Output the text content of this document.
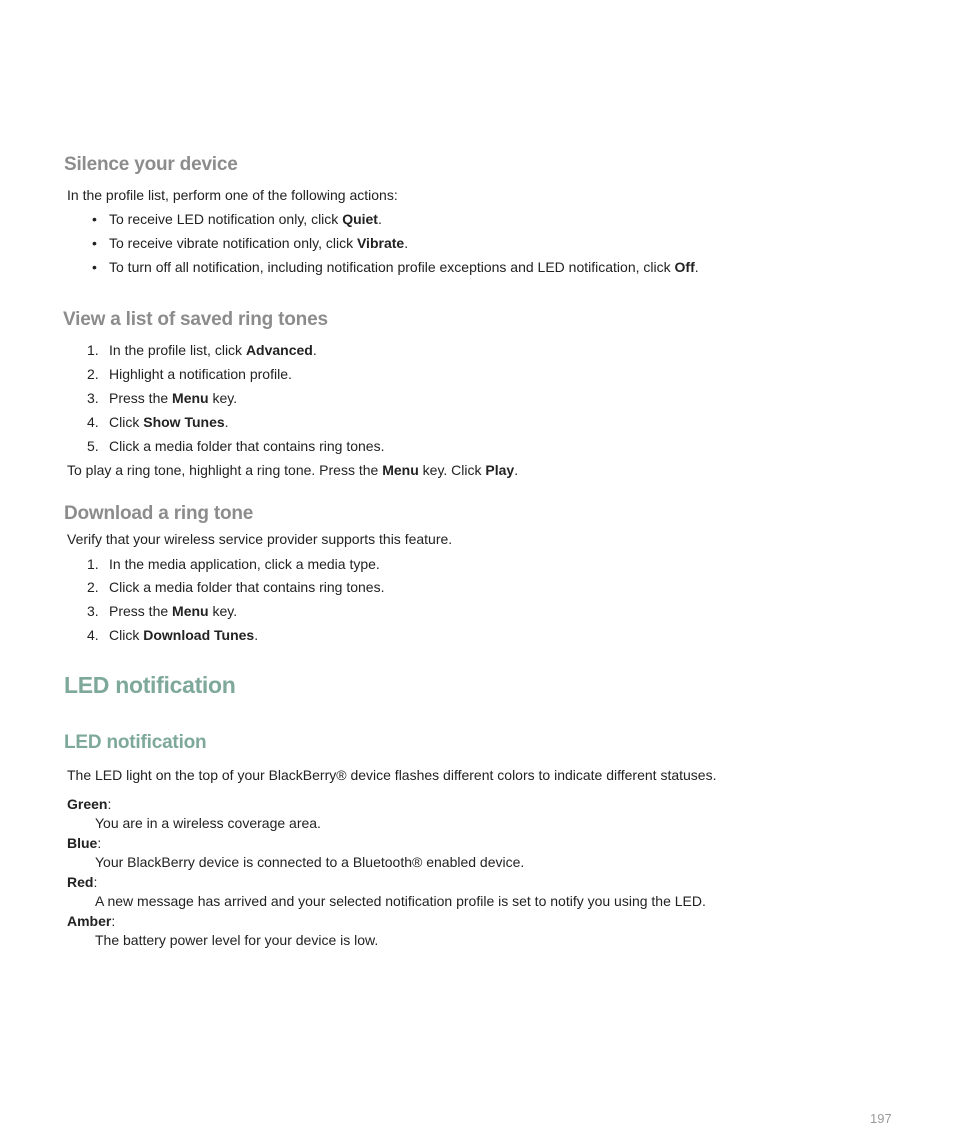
Silence your device
In the profile list, perform one of the following actions:
• To receive LED notification only, click Quiet.
• To receive vibrate notification only, click Vibrate.
• To turn off all notification, including notification profile exceptions and LED notification, click Off.
View a list of saved ring tones
1. In the profile list, click Advanced.
2. Highlight a notification profile.
3. Press the Menu key.
4. Click Show Tunes.
5. Click a media folder that contains ring tones.
To play a ring tone, highlight a ring tone. Press the Menu key. Click Play.
Download a ring tone
Verify that your wireless service provider supports this feature.
1. In the media application, click a media type.
2. Click a media folder that contains ring tones.
3. Press the Menu key.
4. Click Download Tunes.
LED notification
LED notification
The LED light on the top of your BlackBerry® device flashes different colors to indicate different statuses.
Green:
You are in a wireless coverage area.
Blue:
Your BlackBerry device is connected to a Bluetooth® enabled device.
Red:
A new message has arrived and your selected notification profile is set to notify you using the LED.
Amber:
The battery power level for your device is low.
197
